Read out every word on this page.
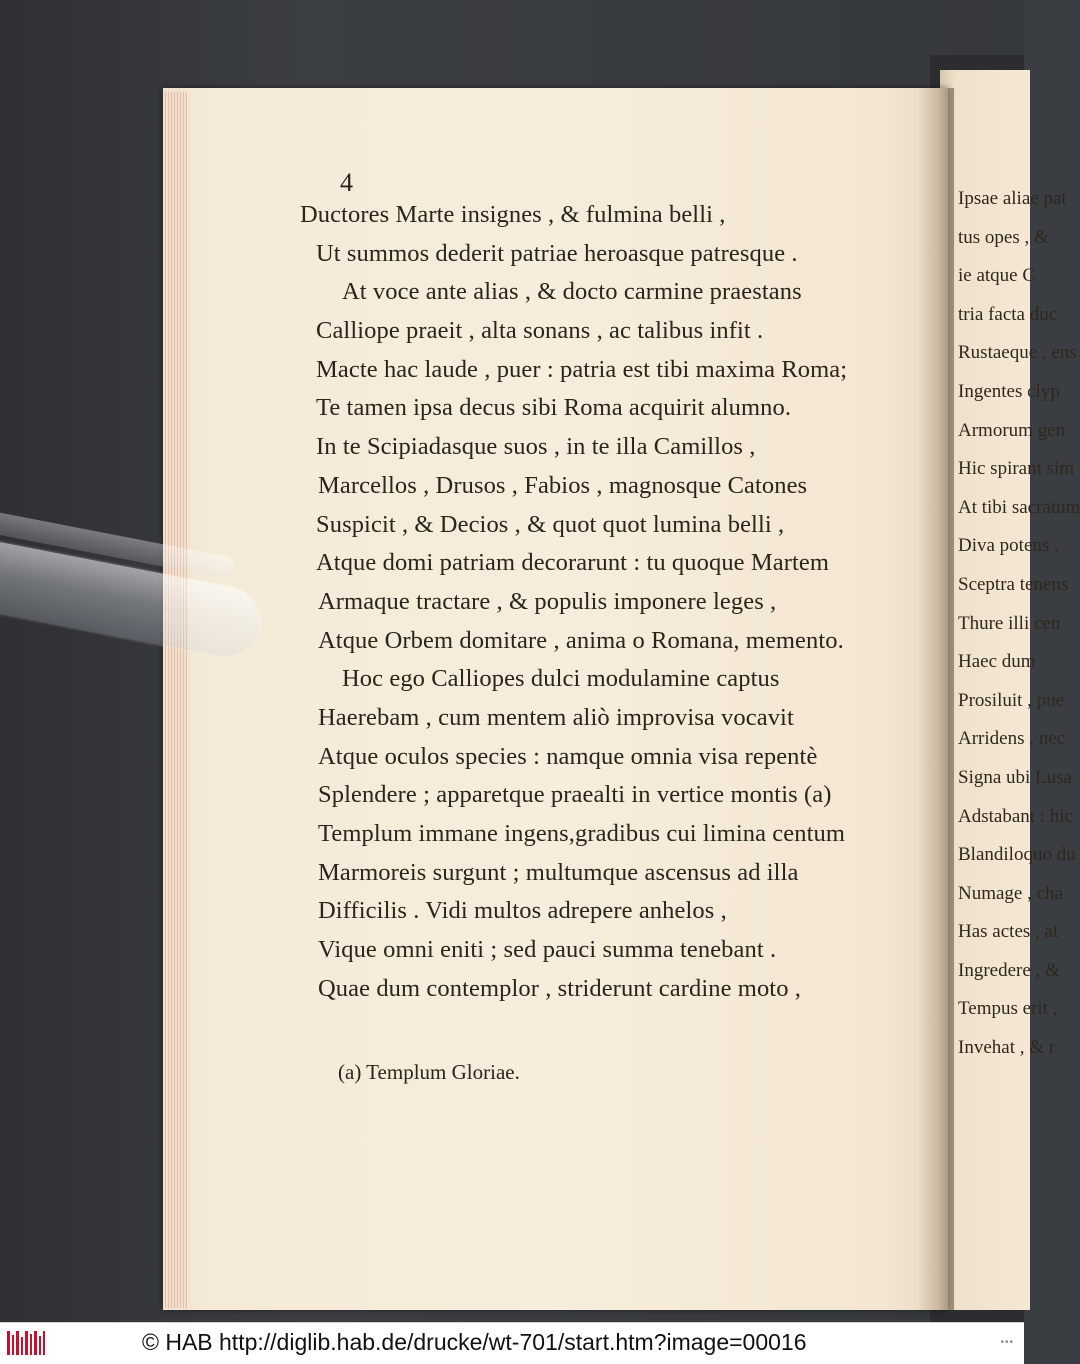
4
Ductores Marte insignes , & fulmina belli ,
Ut summos dederit patriae heroasque patresque .
At voce ante alias , & docto carmine praestans
Calliope praeit , alta sonans , ac talibus infit .
Macte hac laude , puer : patria est tibi maxima Roma;
Te tamen ipsa decus sibi Roma acquirit alumno.
In te Scipiadasque suos , in te illa Camillos ,
Marcellos , Drusos , Fabios , magnosque Catones
Suspicit , & Decios , & quot quot lumina belli ,
Atque domi patriam decorarunt : tu quoque Martem
Armaque tractare , & populis imponere leges ,
Atque Orbem domitare , anima o Romana, memento.
Hoc ego Calliopes dulci modulamine captus
Haerebam , cum mentem aliò improvisa vocavit
Atque oculos species : namque omnia visa repentè
Splendere ; apparetque praealti in vertice montis (a)
Templum immane ingens,gradibus cui limina centum
Marmoreis surgunt ; multumque ascensus ad illa
Difficilis . Vidi multos adrepere anhelos ,
Vique omni eniti ; sed pauci summa tenebant .
Quae dum contemplor , striderunt cardine moto ,
(a) Templum Gloriae.
Ipsae aliae pat
tus opes , &
ie atque C
tria facta duc
Rustaeque , ens
Ingentes clyp
Armorum gen
Hic spirant sim
At tibi sacratum
Diva potens ,
Sceptra tenens
Thure illi cen
Haec dum
Prosiluit , pue
Arridens , nec
Signa ubi Lusa
Adstabant : hic
Blandiloquo du
Numage , cha
Has actes , at
Ingredere , &
Tempus erit ,
Invehat , & r
© HAB http://diglib.hab.de/drucke/wt-701/start.htm?image=00016	•••
